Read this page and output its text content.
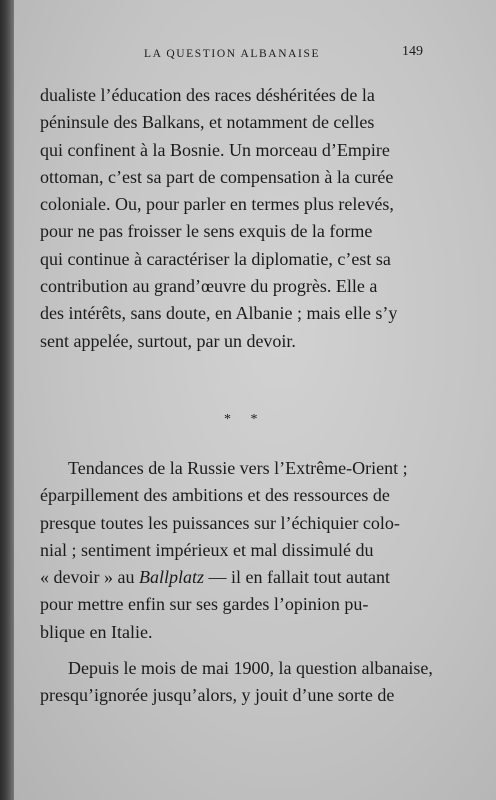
LA QUESTION ALBANAISE	149

dualiste l’éducation des races déshéritées de la
péninsule des Balkans, et notamment de celles
qui confinent à la Bosnie. Un morceau d’Empire
ottoman, c’est sa part de compensation à la curée
coloniale. Ou, pour parler en termes plus relevés,
pour ne pas froisser le sens exquis de la forme
qui continue à caractériser la diplomatie, c’est sa
contribution au grand’œuvre du progrès. Elle a
des intérêts, sans doute, en Albanie ; mais elle s’y
sent appelée, surtout, par un devoir.

* *

Tendances de la Russie vers l’Extrême-Orient ;
éparpillement des ambitions et des ressources de
presque toutes les puissances sur l’échiquier colo-
nial ; sentiment impérieux et mal dissimulé du
« devoir » au Ballplatz — il en fallait tout autant
pour mettre enfin sur ses gardes l’opinion pu-
blique en Italie.

Depuis le mois de mai 1900, la question albanaise,
presqu’ignorée jusqu’alors, y jouit d’une sorte de
